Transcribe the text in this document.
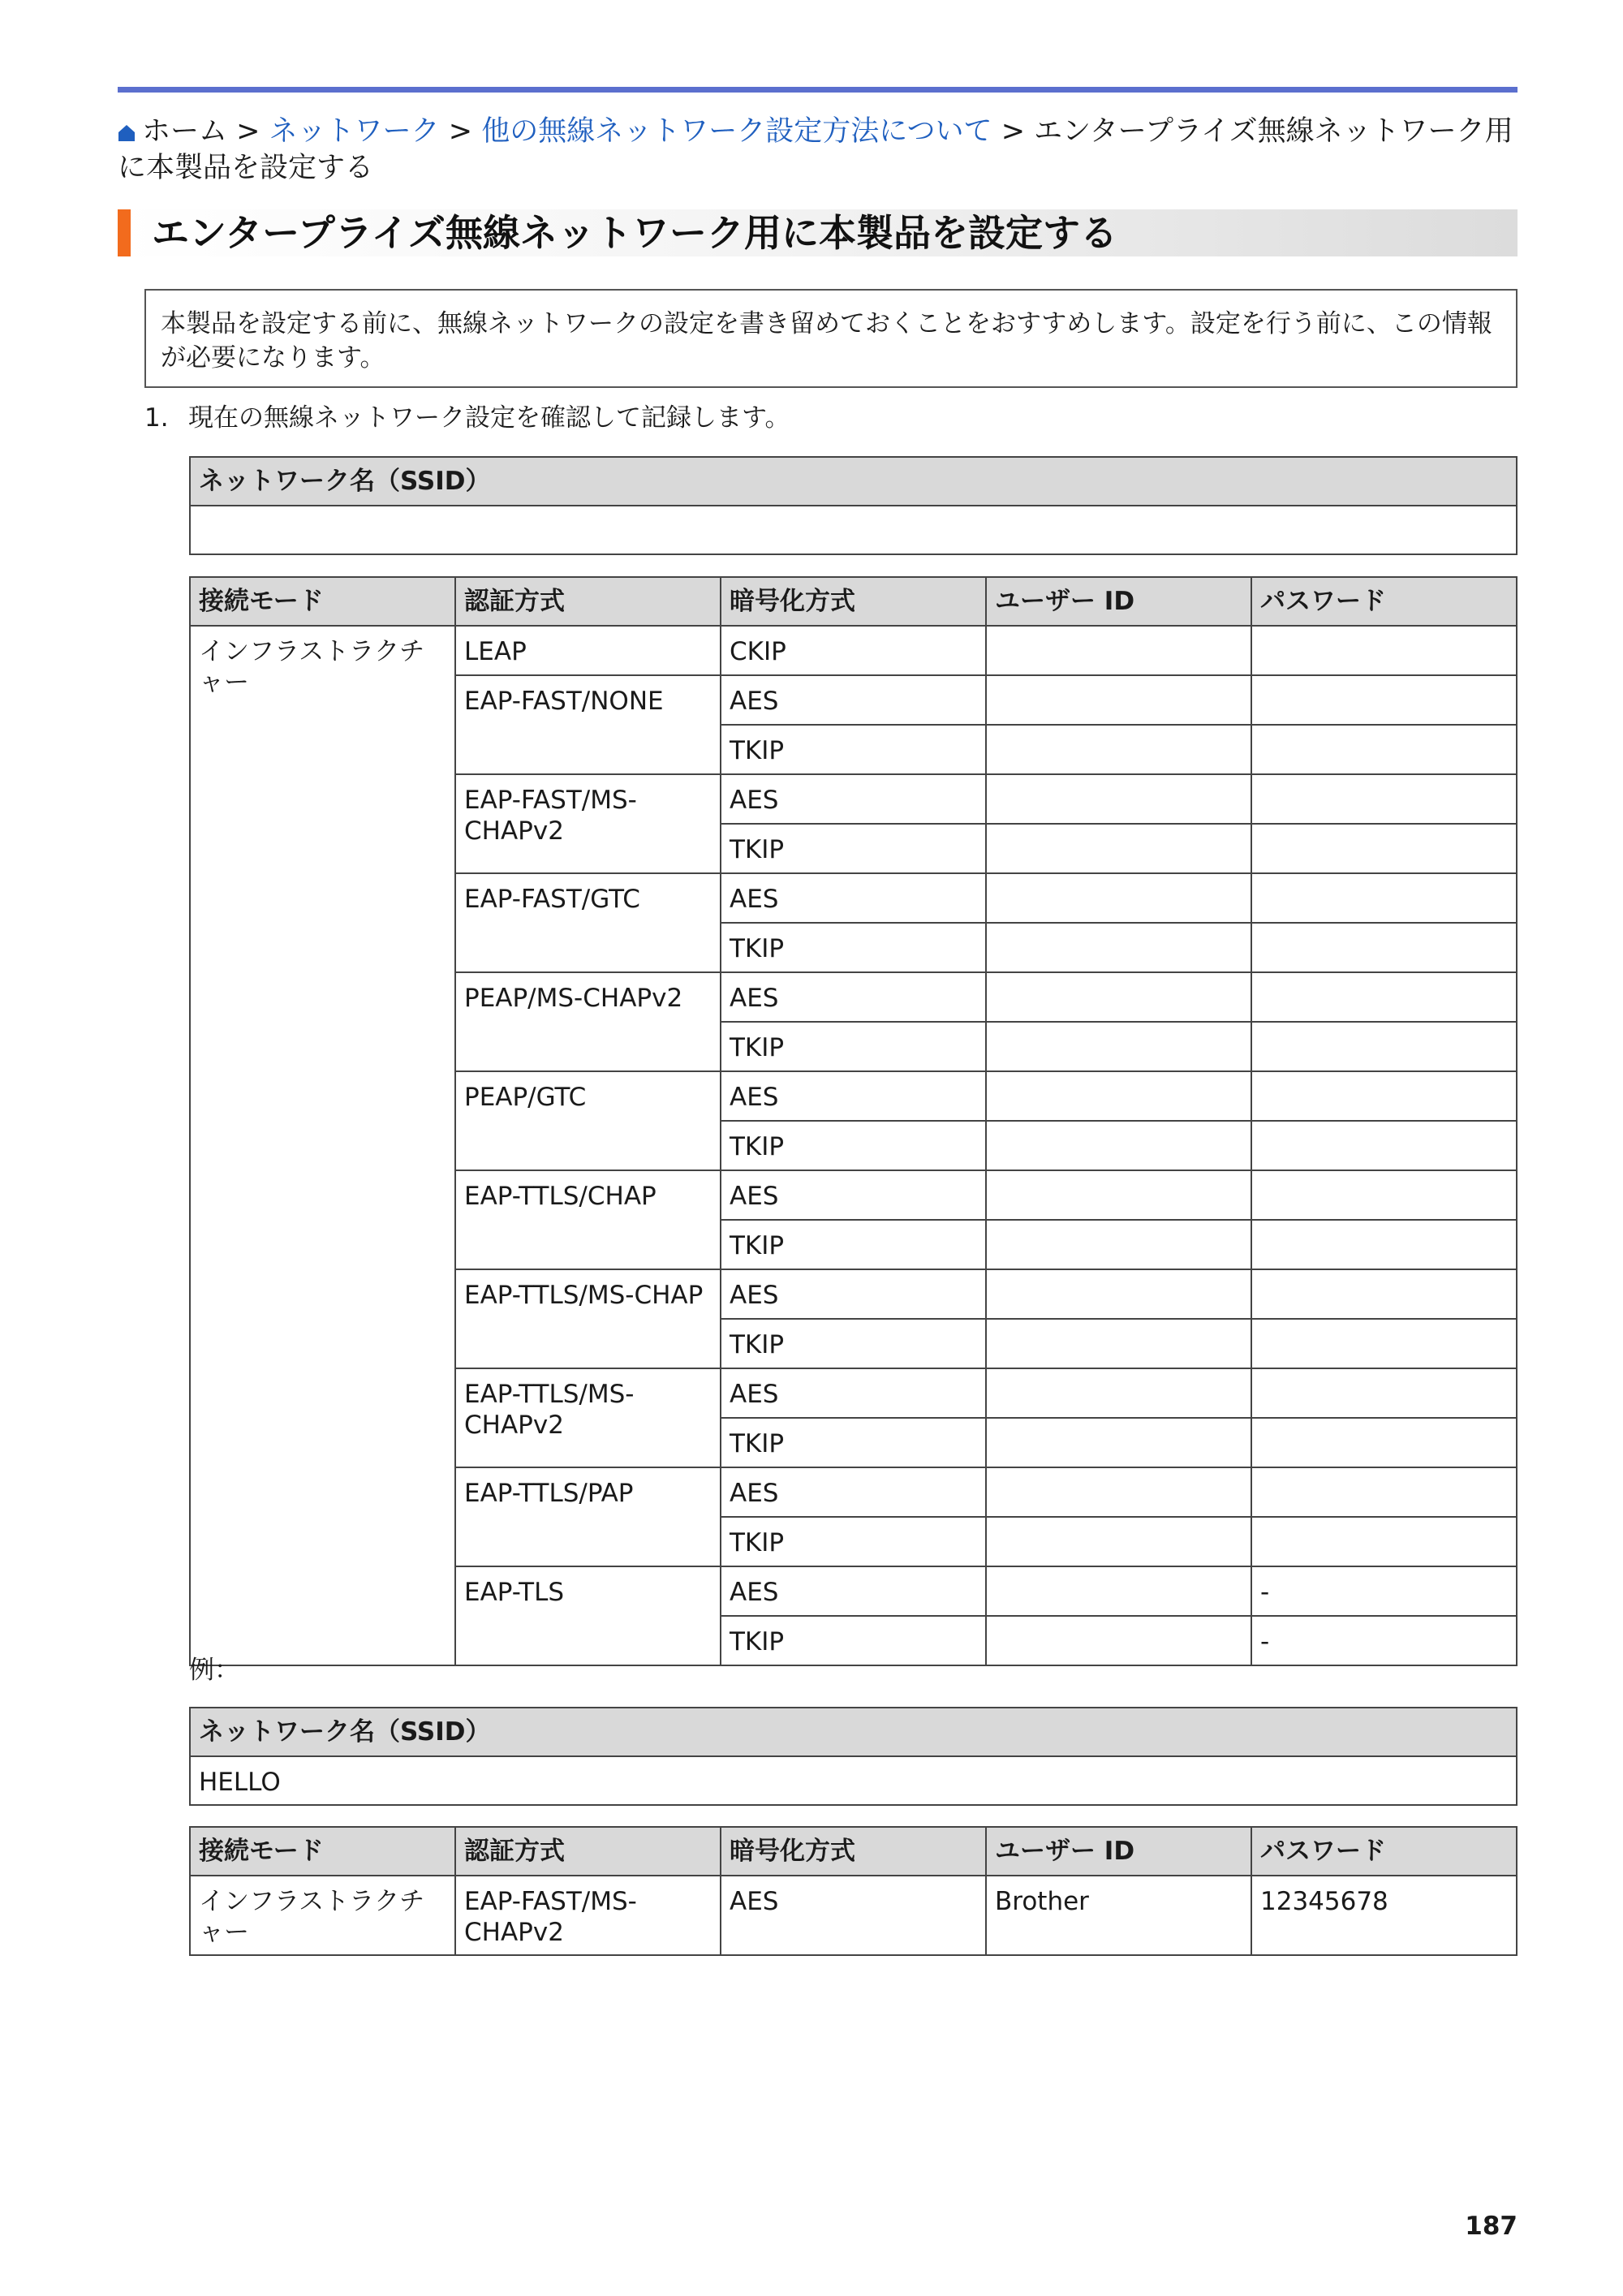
ホーム > ネットワーク > 他の無線ネットワーク設定方法について > エンタープライズ無線ネットワーク用に本製品を設定する
エンタープライズ無線ネットワーク用に本製品を設定する
本製品を設定する前に、無線ネットワークの設定を書き留めておくことをおすすめします。設定を行う前に、この情報が必要になります。
1. 現在の無線ネットワーク設定を確認して記録します。
ネットワーク名（SSID）

接続モード	認証方式	暗号化方式	ユーザー ID	パスワード
インフラストラクチャー	LEAP	CKIP		
	EAP-FAST/NONE	AES		
		TKIP		
	EAP-FAST/MS-CHAPv2	AES		
		TKIP		
	EAP-FAST/GTC	AES		
		TKIP		
	PEAP/MS-CHAPv2	AES		
		TKIP		
	PEAP/GTC	AES		
		TKIP		
	EAP-TTLS/CHAP	AES		
		TKIP		
	EAP-TTLS/MS-CHAP	AES		
		TKIP		
	EAP-TTLS/MS-CHAPv2	AES		
		TKIP		
	EAP-TTLS/PAP	AES		
		TKIP		
	EAP-TLS	AES		-
		TKIP		-
例：
ネットワーク名（SSID）
HELLO
接続モード	認証方式	暗号化方式	ユーザー ID	パスワード
インフラストラクチャー	EAP-FAST/MS-CHAPv2	AES	Brother	12345678
187
